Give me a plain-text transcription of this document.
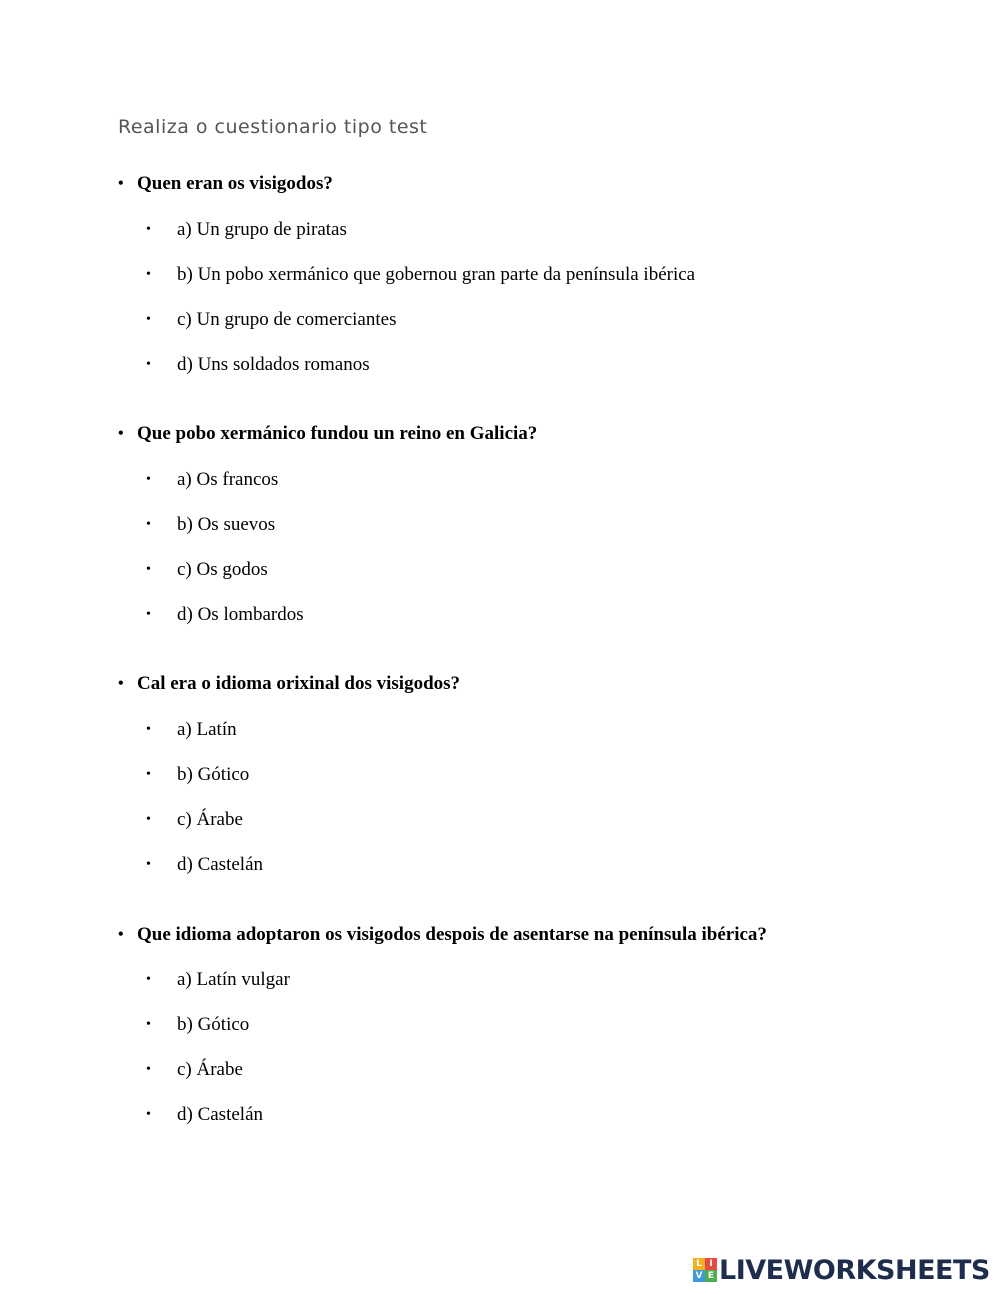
Realiza o cuestionario tipo test
• Quen eran os visigodos?
• a) Un grupo de piratas
• b) Un pobo xermánico que gobernou gran parte da península ibérica
• c) Un grupo de comerciantes
• d) Uns soldados romanos
• Que pobo xermánico fundou un reino en Galicia?
• a) Os francos
• b) Os suevos
• c) Os godos
• d) Os lombardos
• Cal era o idioma orixinal dos visigodos?
• a) Latín
• b) Gótico
• c) Árabe
• d) Castelán
• Que idioma adoptaron os visigodos despois de asentarse na península ibérica?
• a) Latín vulgar
• b) Gótico
• c) Árabe
• d) Castelán
L I
V E LIVEWORKSHEETS
